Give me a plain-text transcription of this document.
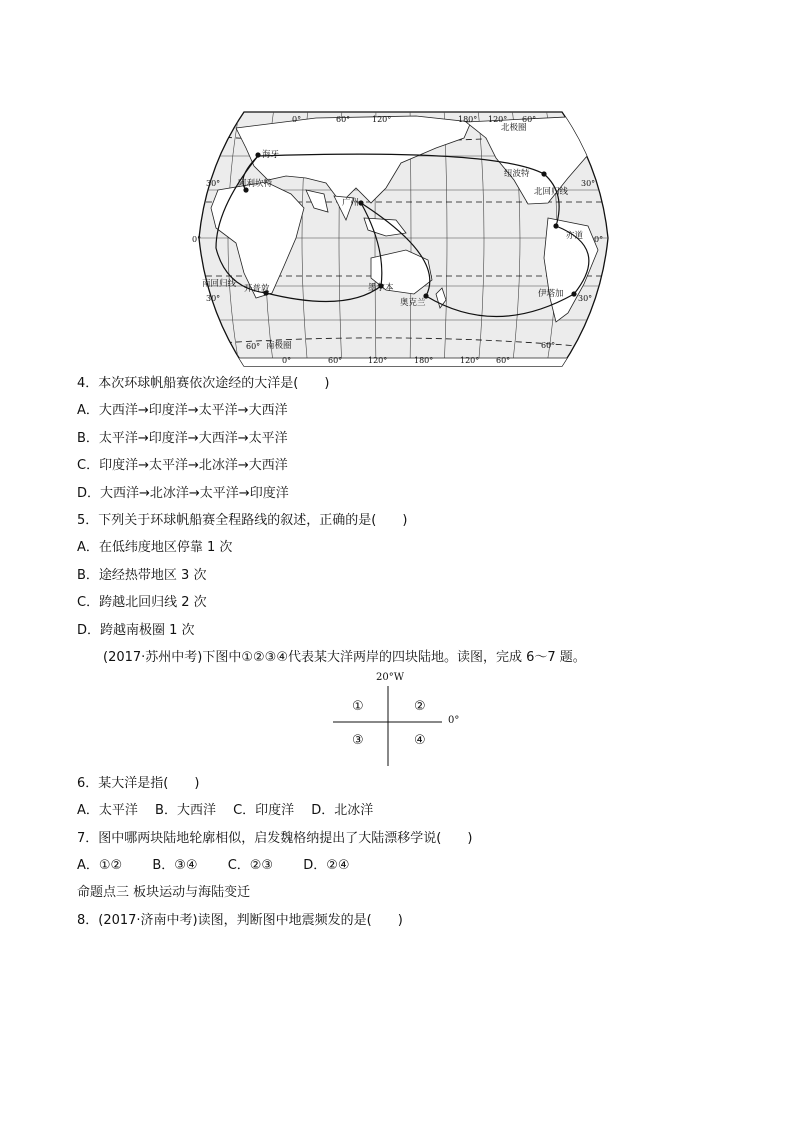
0°	60°	120°	180° 120° 60°
60°
0°	60°	120°	180°	120° 60°
30°
0°
30°
30°
0°
30°
60°
北极圈
北回归线
南回归线
南极圈
海牙
阿利坎特
广州
墨尔本
奥克兰
开普敦	伊塔加
亦道
纽波特
4．本次环球帆船赛依次途经的大洋是(　　)
A．大西洋→印度洋→太平洋→大西洋
B．太平洋→印度洋→大西洋→太平洋
C．印度洋→太平洋→北冰洋→大西洋
D．大西洋→北冰洋→太平洋→印度洋
5．下列关于环球帆船赛全程路线的叙述，正确的是(　　)
A．在低纬度地区停靠 1 次
B．途经热带地区 3 次
C．跨越北回归线 2 次
D．跨越南极圈 1 次
(2017·苏州中考)下图中①②③④代表某大洋两岸的四块陆地。读图，完成 6～7 题。
20°W
0°
①	②
③	④
6．某大洋是指(　　)
A．太平洋　 B．大西洋　 C．印度洋　 D．北冰洋
7．图中哪两块陆地轮廓相似，启发魏格纳提出了大陆漂移学说(　　)
A．①②　　 B．③④　　 C．②③　　 D．②④
命题点三 板块运动与海陆变迁
8．(2017·济南中考)读图，判断图中地震频发的是(　　)
